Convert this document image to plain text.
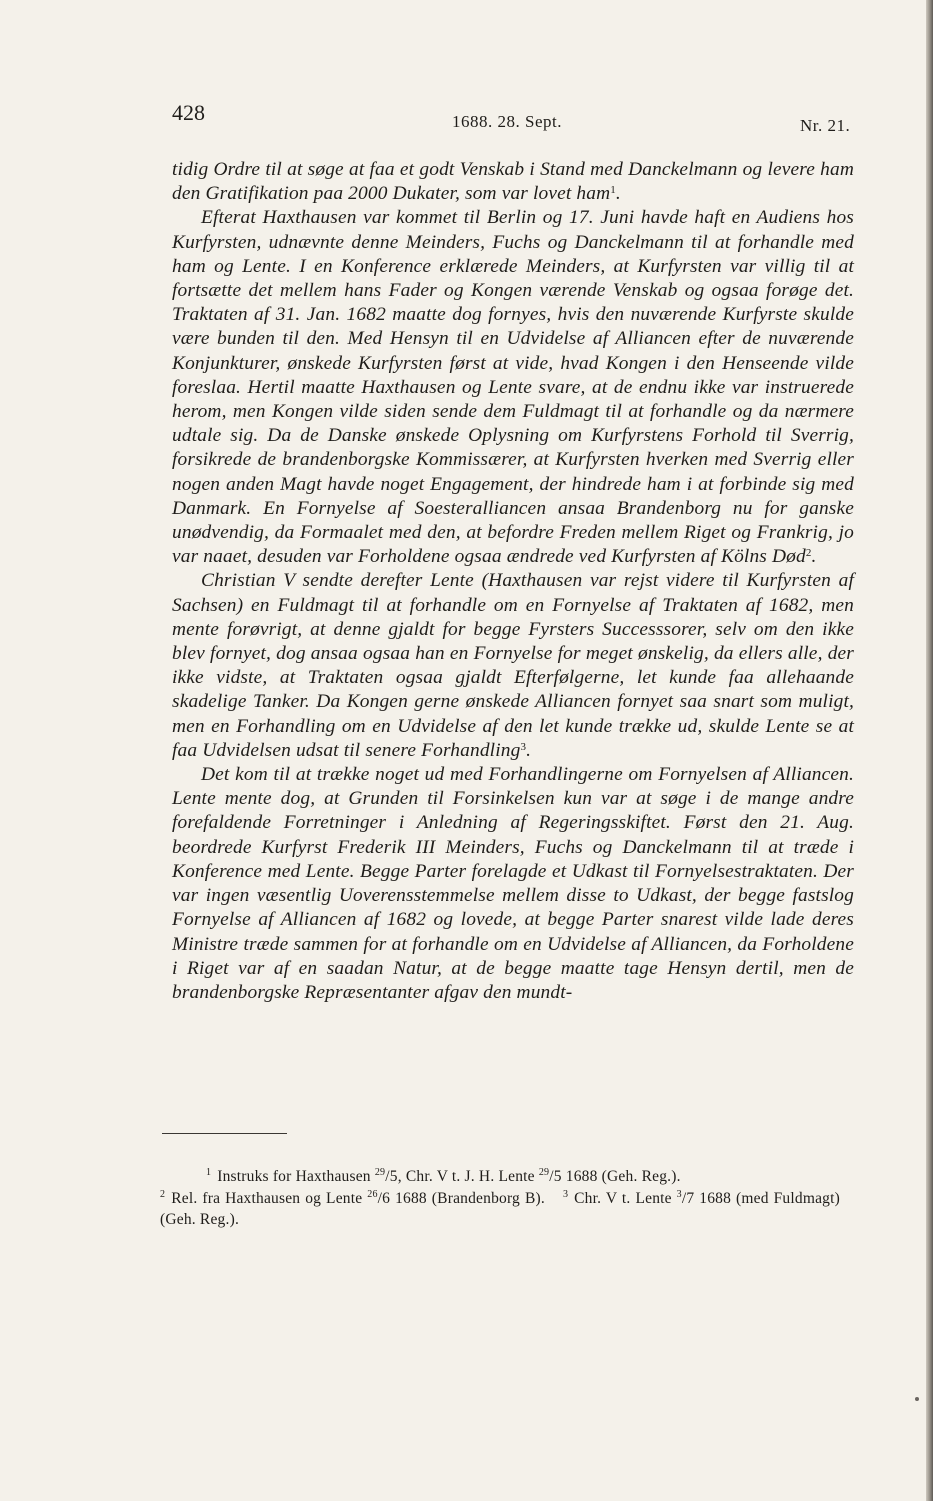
428	1688. 28. Sept.	Nr. 21.

tidig Ordre til at søge at faa et godt Venskab i Stand med Danckelmann og levere ham den Gratifikation paa 2000 Dukater, som var lovet ham$^1$.

Efterat Haxthausen var kommet til Berlin og 17. Juni havde haft en Audiens hos Kurfyrsten, udnævnte denne Meinders, Fuchs og Danckelmann til at forhandle med ham og Lente. I en Konference erklærede Meinders, at Kurfyrsten var villig til at fortsætte det mellem hans Fader og Kongen værende Venskab og ogsaa forøge det. Traktaten af 31. Jan. 1682 maatte dog fornyes, hvis den nuværende Kurfyrste skulde være bunden til den. Med Hensyn til en Udvidelse af Alliancen efter de nuværende Konjunkturer, ønskede Kurfyrsten først at vide, hvad Kongen i den Henseende vilde foreslaa. Hertil maatte Haxthausen og Lente svare, at de endnu ikke var instruerede herom, men Kongen vilde siden sende dem Fuldmagt til at forhandle og da nærmere udtale sig. Da de Danske ønskede Oplysning om Kurfyrstens Forhold til Sverrig, forsikrede de brandenborgske Kommissærer, at Kurfyrsten hverken med Sverrig eller nogen anden Magt havde noget Engagement, der hindrede ham i at forbinde sig med Danmark. En Fornyelse af Soesteralliancen ansaa Brandenborg nu for ganske unødvendig, da Formaalet med den, at befordre Freden mellem Riget og Frankrig, jo var naaet, desuden var Forholdene ogsaa ændrede ved Kurfyrsten af Kölns Død$^2$.

Christian V sendte derefter Lente (Haxthausen var rejst videre til Kurfyrsten af Sachsen) en Fuldmagt til at forhandle om en Fornyelse af Traktaten af 1682, men mente forøvrigt, at denne gjaldt for begge Fyrsters Successsorer, selv om den ikke blev fornyet, dog ansaa ogsaa han en Fornyelse for meget ønskelig, da ellers alle, der ikke vidste, at Traktaten ogsaa gjaldt Efterfølgerne, let kunde faa allehaande skadelige Tanker. Da Kongen gerne ønskede Alliancen fornyet saa snart som muligt, men en Forhandling om en Udvidelse af den let kunde trække ud, skulde Lente se at faa Udvidelsen udsat til senere Forhandling$^3$.

Det kom til at trække noget ud med Forhandlingerne om Fornyelsen af Alliancen. Lente mente dog, at Grunden til Forsinkelsen kun var at søge i de mange andre forefaldende Forretninger i Anledning af Regeringsskiftet. Først den 21. Aug. beordrede Kurfyrst Frederik III Meinders, Fuchs og Danckelmann til at træde i Konference med Lente. Begge Parter forelagde et Udkast til Fornyelsestraktaten. Der var ingen væsentlig Uoverensstemmelse mellem disse to Udkast, der begge fastslog Fornyelse af Alliancen af 1682 og lovede, at begge Parter snarest vilde lade deres Ministre træde sammen for at forhandle om en Udvidelse af Alliancen, da Forholdene i Riget var af en saadan Natur, at de begge maatte tage Hensyn dertil, men de brandenborgske Repræsentanter afgav den mundt-

$^1$ Instruks for Haxthausen $^{29}$/5, Chr. V t. J. H. Lente $^{29}$/5 1688 (Geh. Reg.).

$^2$ Rel. fra Haxthausen og Lente $^{26}$/6 1688 (Brandenborg B). $^3$ Chr. V t. Lente $^3$/7 1688 (med Fuldmagt) (Geh. Reg.).
